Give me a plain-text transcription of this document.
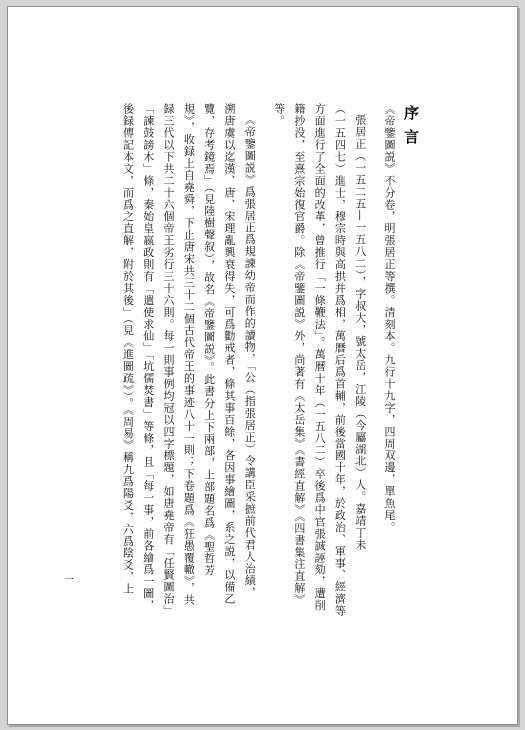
序言
《帝鑒圖説》不分卷，明張居正等撰。清刻本。九行十九字，四周双邊，單魚尾。
張居正（一五二五—一五八二），字叔大，號太岳，江陵（今屬湖北）人。嘉靖丁未
（一五四七）進士，穆宗時與高拱并爲相，萬曆后爲首輔，前後當國十年，於政治、軍事、經濟等
方面進行了全面的改革，曾推行「一條鞭法」。萬曆十年（一五八二）卒後爲中官張誠誣劾，遭削
籍抄没，至熹宗始復官爵。除《帝鑒圖説》外，尚著有《太岳集》《書經直解》《四書集注直解》
等。
《帝鑒圖説》爲張居正爲規諫幼帝而作的讀物，「公（指張居正）令講臣采摭前代君人治績，
溯唐虞以迄漢、唐、宋理亂興衰得失，可爲勸戒者，條其事百餘，各因事繪圖，系之説，以備乙
覽，存考鏡焉」（見陸樹聲叙），故名《帝鑒圖説》。此書分上下兩部，上部題名爲《聖哲芳
規》，收録上自堯舜，下止唐宋共三十二個古代帝王的事迹八十一則；下卷題爲《狂愚覆轍》，共
録三代以下共二十六個帝王劣行三十六則。每一則事例均冠以四字標題，如唐堯帝有「任賢圖治」
「諫鼓謗木」條，秦始皇嬴政則有「遣使求仙」「坑儒焚書」等條，且「每一事，前各繪爲一圖，
後録傳記本文，而爲之直解，附於其後」（見《進圖疏》）。《周易》稱九爲陽爻，六爲陰爻，上
一
